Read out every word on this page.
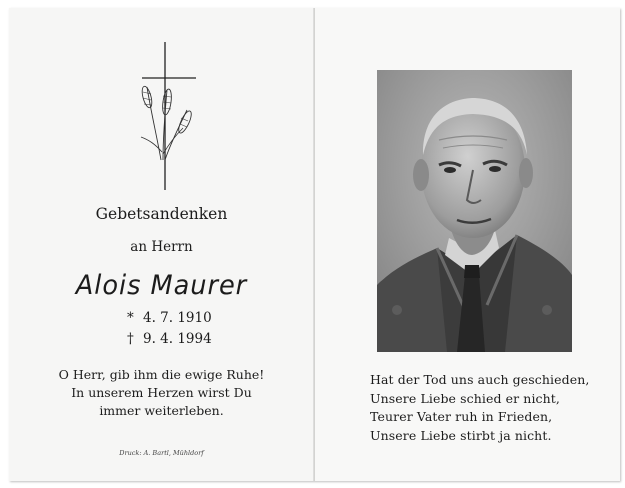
Gebetsandenken
an Herrn
Alois Maurer
* 4. 7. 1910
† 9. 4. 1994
O Herr, gib ihm die ewige Ruhe!
In unserem Herzen wirst Du
immer weiterleben.
Druck: A. Bartl, Mühldorf
Hat der Tod uns auch geschieden,
Unsere Liebe schied er nicht,
Teurer Vater ruh in Frieden,
Unsere Liebe stirbt ja nicht.
